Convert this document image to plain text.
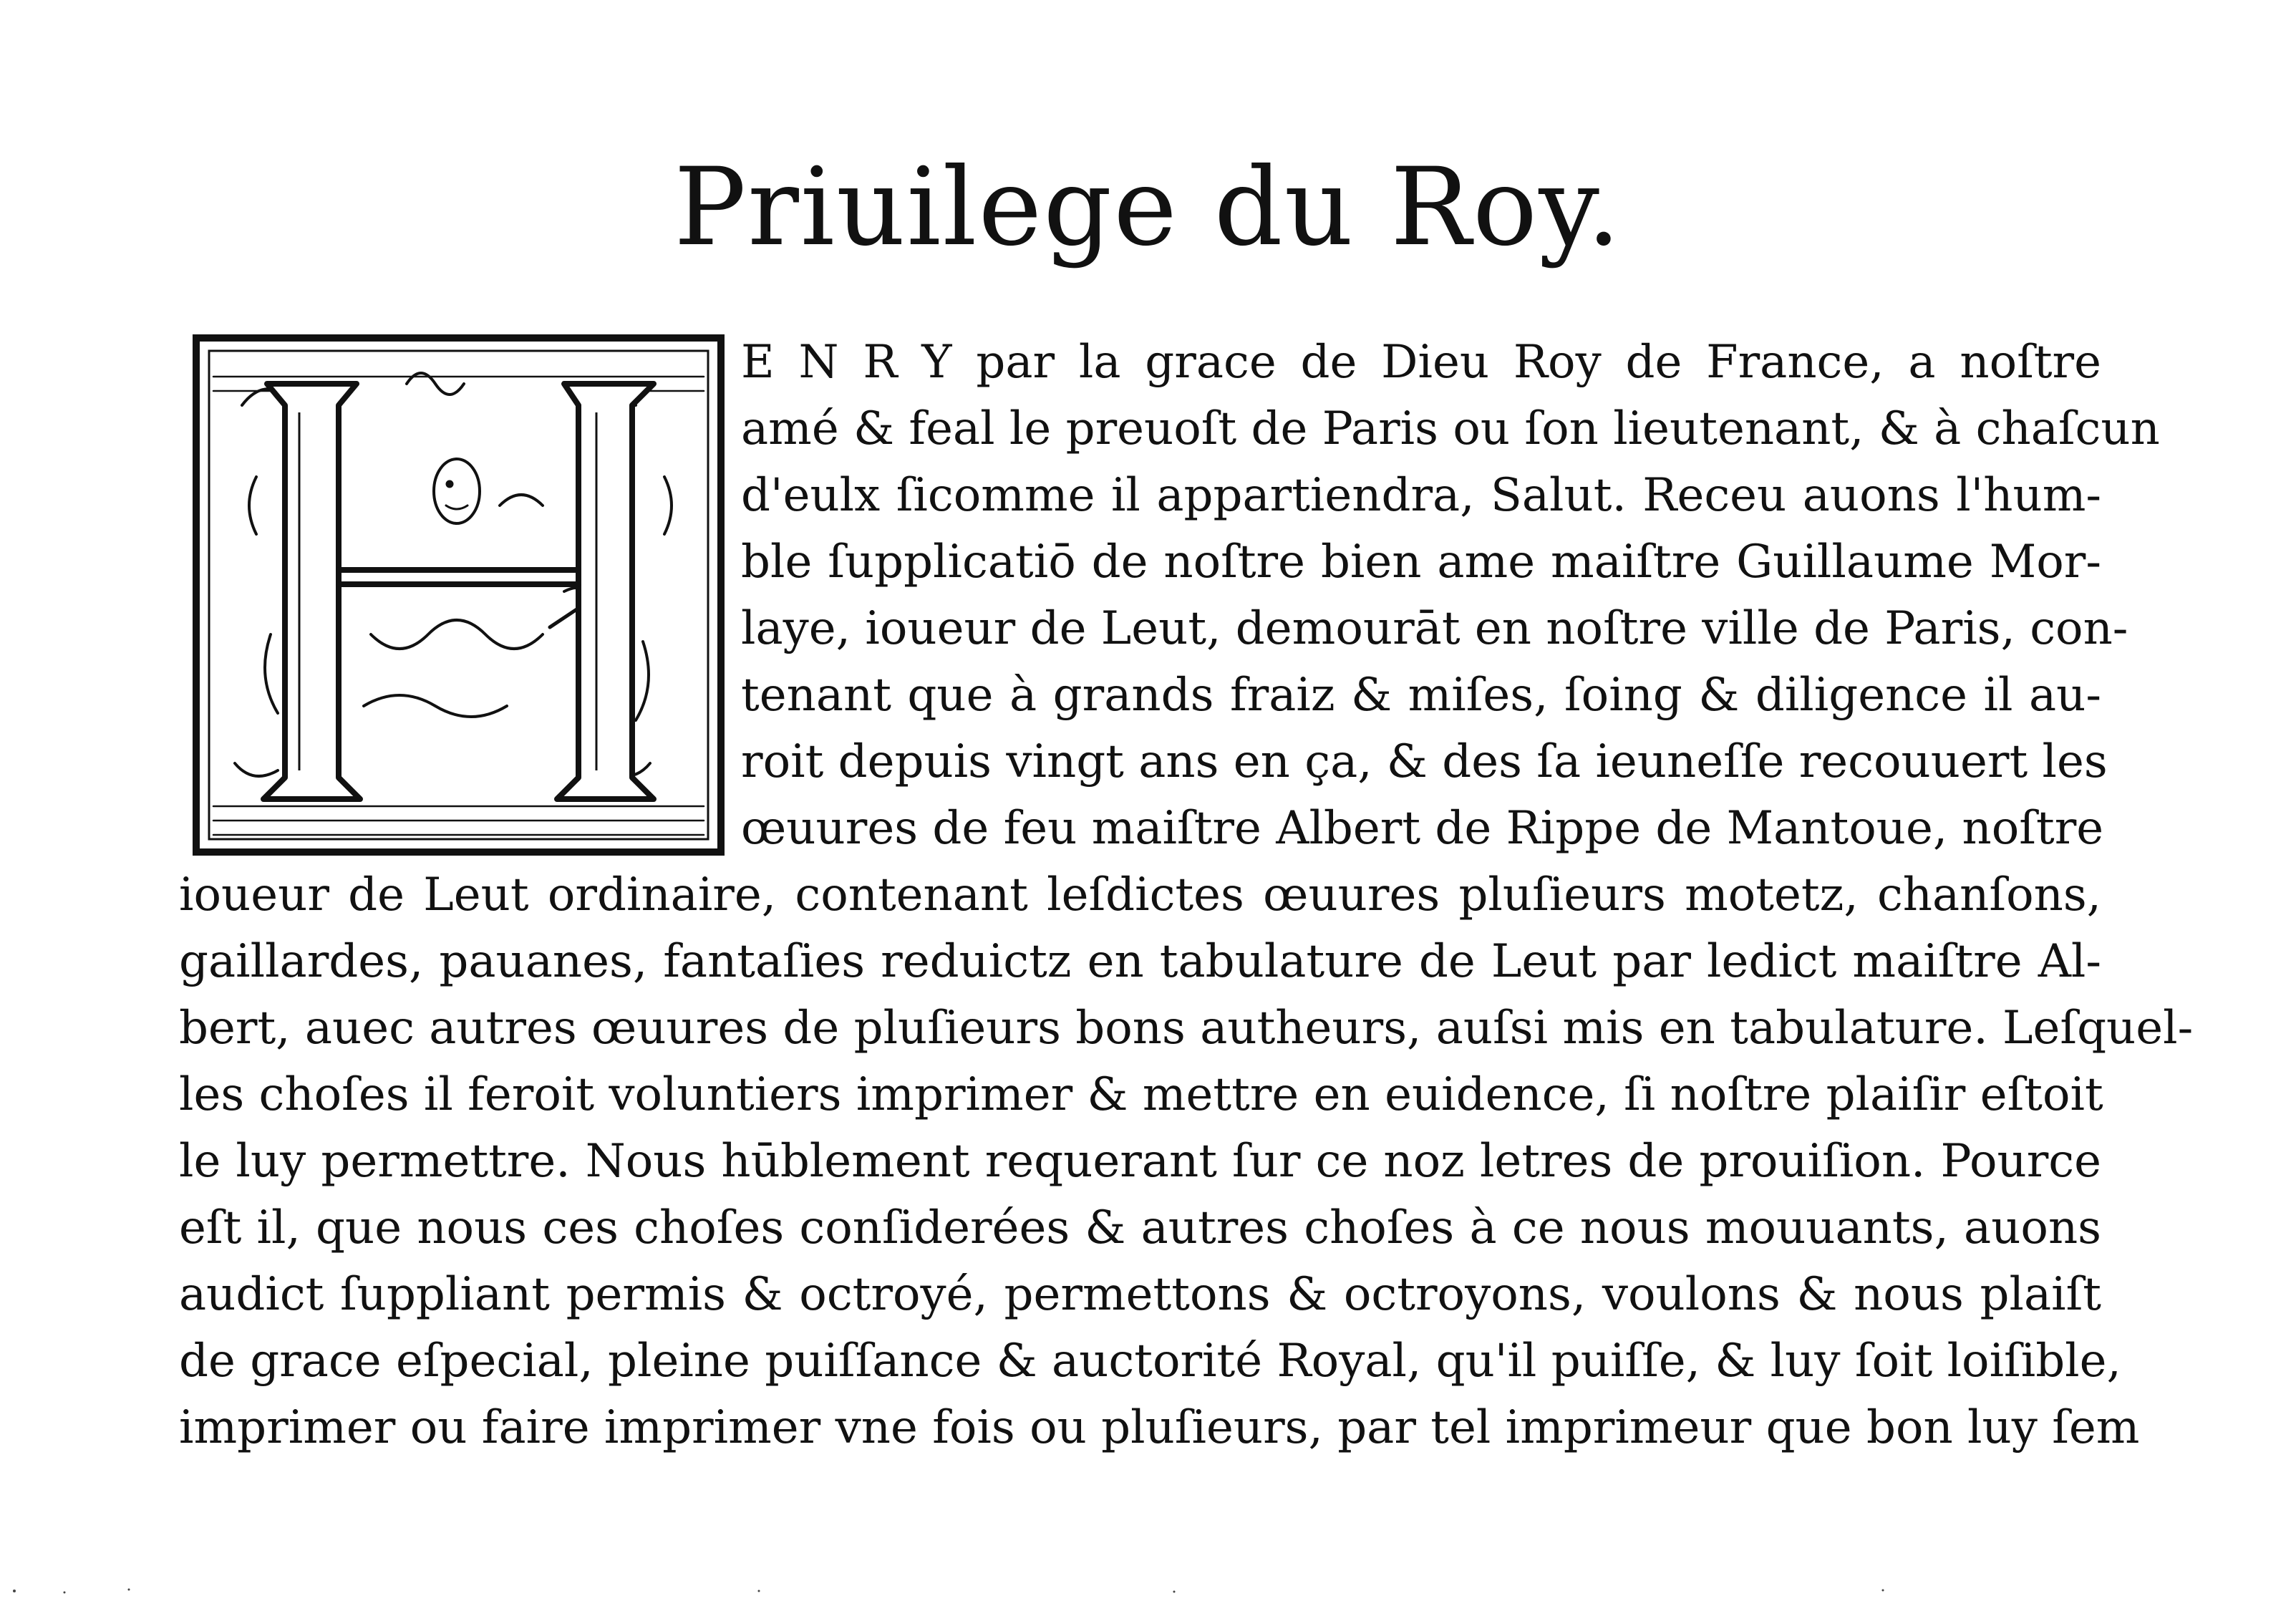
Priuilege du Roy.
E N R Y par la grace de Dieu Roy de France, a noſtre
amé & feal le preuoſt de Paris ou ſon lieutenant, & à chaſcun
d'eulx ſicomme il appartiendra, Salut. Receu auons l'hum-
ble ſupplicatiō de noſtre bien ame maiſtre Guillaume Mor-
laye, ioueur de Leut, demourāt en noſtre ville de Paris, con-
tenant que à grands fraiz & miſes, ſoing & diligence il au-
roit depuis vingt ans en ça, & des ſa ieuneſſe recouuert les
œuures de feu maiſtre Albert de Rippe de Mantoue, noſtre
ioueur de Leut ordinaire, contenant leſdictes œuures pluſieurs motetz, chanſons,
gaillardes, pauanes, fantaſies reduictz en tabulature de Leut par ledict maiſtre Al-
bert, auec autres œuures de pluſieurs bons autheurs, auſsi mis en tabulature. Leſquel-
les choſes il feroit voluntiers imprimer & mettre en euidence, ſi noſtre plaiſir eſtoit
le luy permettre. Nous hūblement requerant ſur ce noz letres de prouiſion. Pource
eſt il, que nous ces choſes conſiderées & autres choſes à ce nous mouuants, auons
audict ſuppliant permis & octroyé, permettons & octroyons, voulons & nous plaiſt
de grace eſpecial, pleine puiſſance & auctorité Royal, qu'il puiſſe, & luy ſoit loiſible,
imprimer ou faire imprimer vne fois ou pluſieurs, par tel imprimeur que bon luy ſem
